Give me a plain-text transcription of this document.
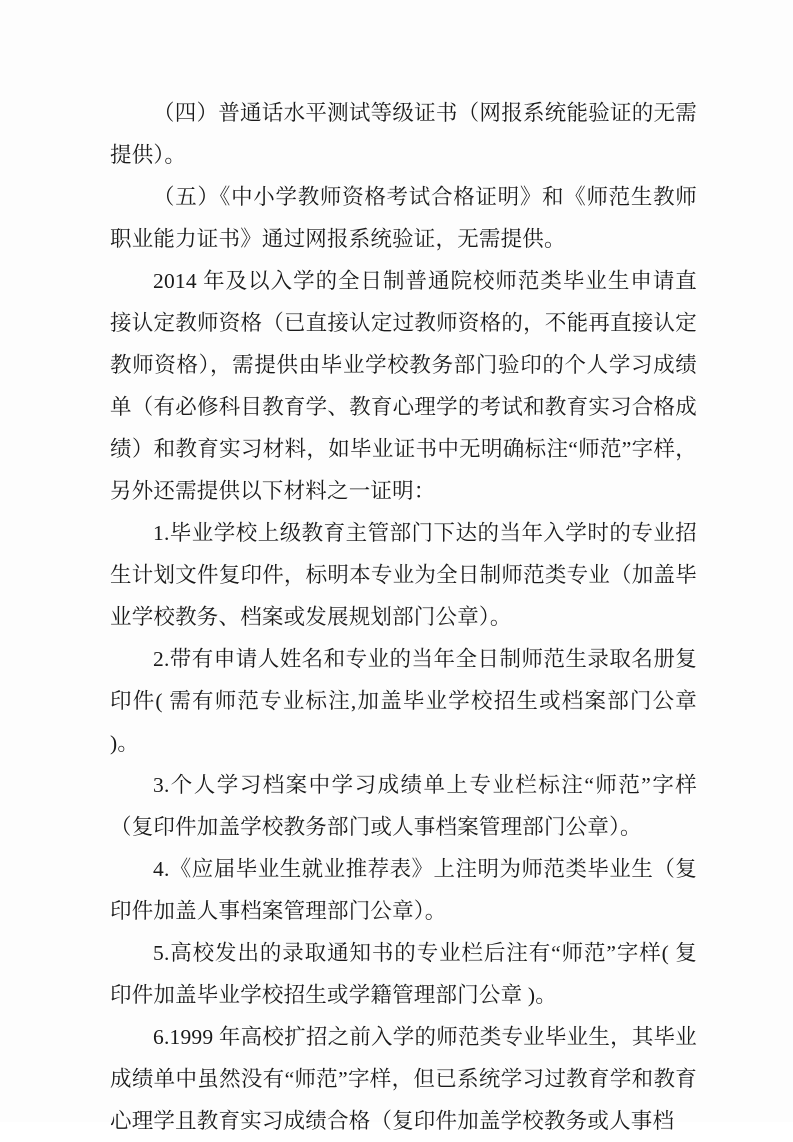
（四）普通话水平测试等级证书（网报系统能验证的无需提供）。

（五）《中小学教师资格考试合格证明》和《师范生教师职业能力证书》通过网报系统验证，无需提供。

2014 年及以入学的全日制普通院校师范类毕业生申请直接认定教师资格（已直接认定过教师资格的，不能再直接认定教师资格），需提供由毕业学校教务部门验印的个人学习成绩单（有必修科目教育学、教育心理学的考试和教育实习合格成绩）和教育实习材料，如毕业证书中无明确标注“师范”字样，另外还需提供以下材料之一证明：

1.毕业学校上级教育主管部门下达的当年入学时的专业招生计划文件复印件，标明本专业为全日制师范类专业（加盖毕业学校教务、档案或发展规划部门公章）。

2.带有申请人姓名和专业的当年全日制师范生录取名册复印件( 需有师范专业标注,加盖毕业学校招生或档案部门公章 )。

3.个人学习档案中学习成绩单上专业栏标注“师范”字样（复印件加盖学校教务部门或人事档案管理部门公章）。

4.《应届毕业生就业推荐表》上注明为师范类毕业生（复印件加盖人事档案管理部门公章）。

5.高校发出的录取通知书的专业栏后注有“师范”字样( 复印件加盖毕业学校招生或学籍管理部门公章 )。

6.1999 年高校扩招之前入学的师范类专业毕业生，其毕业成绩单中虽然没有“师范”字样，但已系统学习过教育学和教育心理学且教育实习成绩合格（复印件加盖学校教务或人事档
